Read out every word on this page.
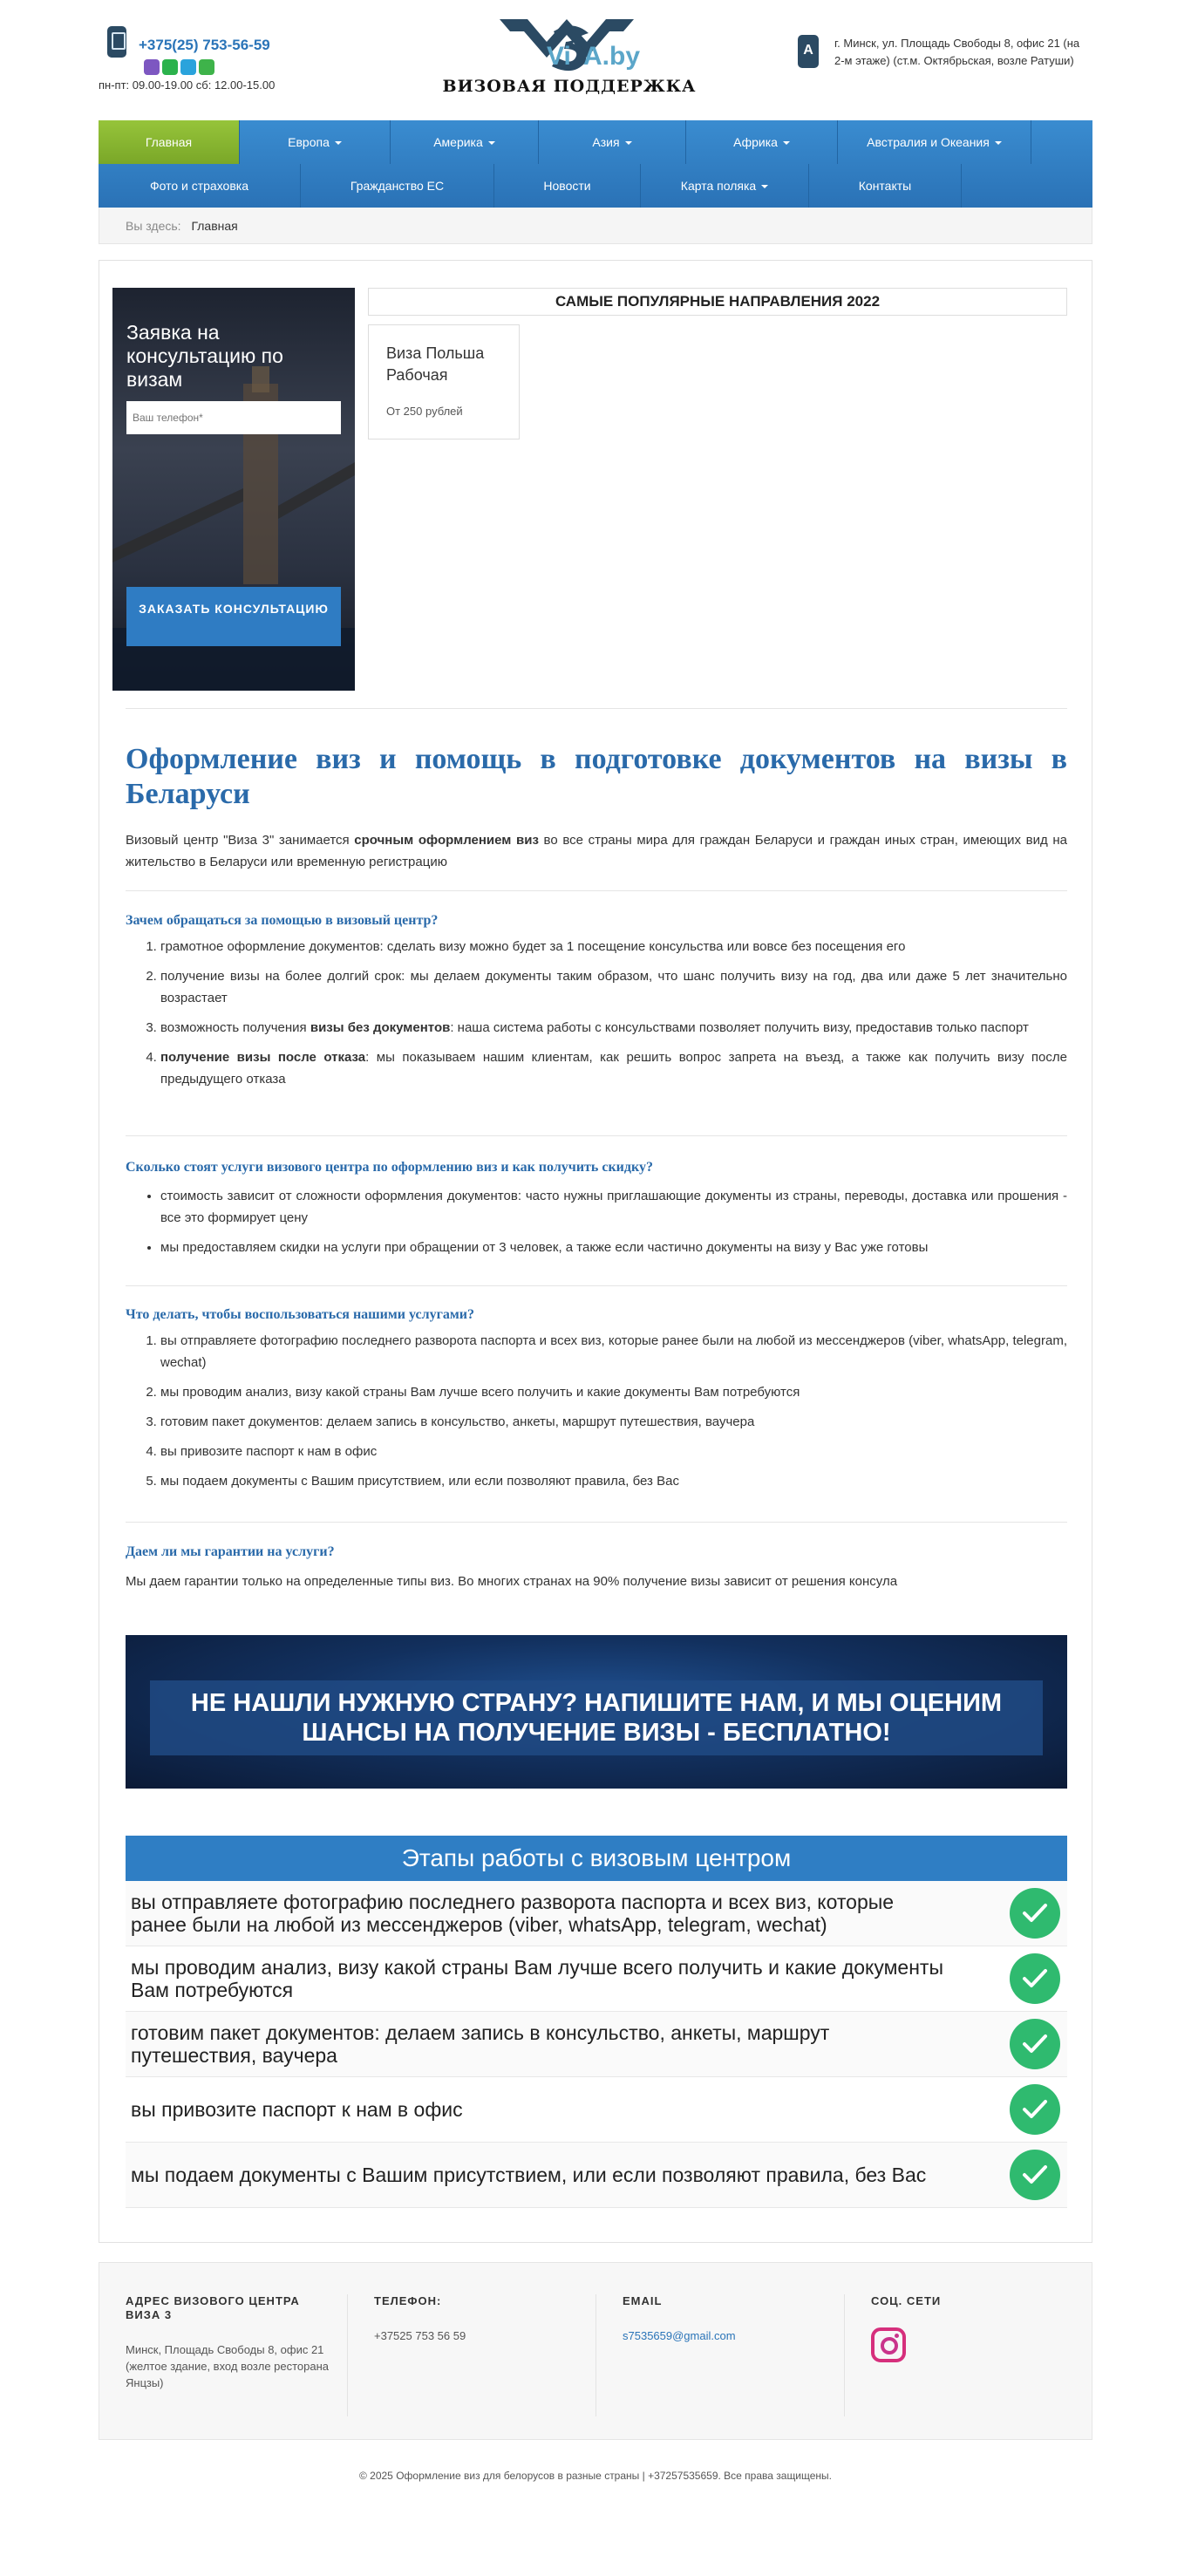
+375(25) 753-56-59
пн-пт: 09.00-19.00 сб: 12.00-15.00
Vi A.by
ВИЗОВАЯ ПОДДЕРЖКА
A
г. Минск, ул. Площадь Свободы 8, офис 21 (на 2-м этаже) (ст.м. Октябрьская, возле Ратуши)
Главная	Европа	Америка	Азия	Африка	Австралия и Океания
Фото и страховка	Гражданство ЕС	Новости	Карта поляка	Контакты
Вы здесь: Главная
Заявка на консультацию по визам
Ваш телефон*
ЗАКАЗАТЬ КОНСУЛЬТАЦИЮ
САМЫЕ ПОПУЛЯРНЫЕ НАПРАВЛЕНИЯ 2022
Виза Польша Рабочая
От 250 рублей
Оформление виз и помощь в подготовке документов на визы в Беларуси

Визовый центр "Виза 3" занимается срочным оформлением виз во все страны мира для граждан Беларуси и граждан иных стран, имеющих вид на жительство в Беларуси или временную регистрацию

Зачем обращаться за помощью в визовый центр?
1. грамотное оформление документов: сделать визу можно будет за 1 посещение консульства или вовсе без посещения его
2. получение визы на более долгий срок: мы делаем документы таким образом, что шанс получить визу на год, два или даже 5 лет значительно возрастает
3. возможность получения визы без документов: наша система работы с консульствами позволяет получить визу, предоставив только паспорт
4. получение визы после отказа: мы показываем нашим клиентам, как решить вопрос запрета на въезд, а также как получить визу после предыдущего отказа
Сколько стоят услуги визового центра по оформлению виз и как получить скидку?
• стоимость зависит от сложности оформления документов: часто нужны приглашающие документы из страны, переводы, доставка или прошения - все это формирует цену
• мы предоставляем скидки на услуги при обращении от 3 человек, а также если частично документы на визу у Вас уже готовы
Что делать, чтобы воспользоваться нашими услугами?
1. вы отправляете фотографию последнего разворота паспорта и всех виз, которые ранее были на любой из мессенджеров (viber, whatsApp, telegram, wechat)
2. мы проводим анализ, визу какой страны Вам лучше всего получить и какие документы Вам потребуются
3. готовим пакет документов: делаем запись в консульство, анкеты, маршрут путешествия, ваучера
4. вы привозите паспорт к нам в офис
5. мы подаем документы с Вашим присутствием, или если позволяют правила, без Вас
Даем ли мы гарантии на услуги?

Мы даем гарантии только на определенные типы виз. Во многих странах на 90% получение визы зависит от решения консула

НЕ НАШЛИ НУЖНУЮ СТРАНУ? НАПИШИТЕ НАМ, И МЫ ОЦЕНИМ ШАНСЫ НА ПОЛУЧЕНИЕ ВИЗЫ - БЕСПЛАТНО!
Этапы работы с визовым центром
вы отправляете фотографию последнего разворота паспорта и всех виз, которые ранее были на любой из мессенджеров (viber, whatsApp, telegram, wechat)
мы проводим анализ, визу какой страны Вам лучше всего получить и какие документы Вам потребуются
готовим пакет документов: делаем запись в консульство, анкеты, маршрут путешествия, ваучера
вы привозите паспорт к нам в офис
мы подаем документы с Вашим присутствием, или если позволяют правила, без Вас
АДРЕС ВИЗОВОГО ЦЕНТРА ВИЗА 3
Минск, Площадь Свободы 8, офис 21 (желтое здание, вход возле ресторана Янцзы)
ТЕЛЕФОН:
+37525 753 56 59
EMAIL
s7535659@gmail.com
СОЦ. СЕТИ
© 2025 Оформление виз для белорусов в разные страны | +37257535659. Все права защищены.
